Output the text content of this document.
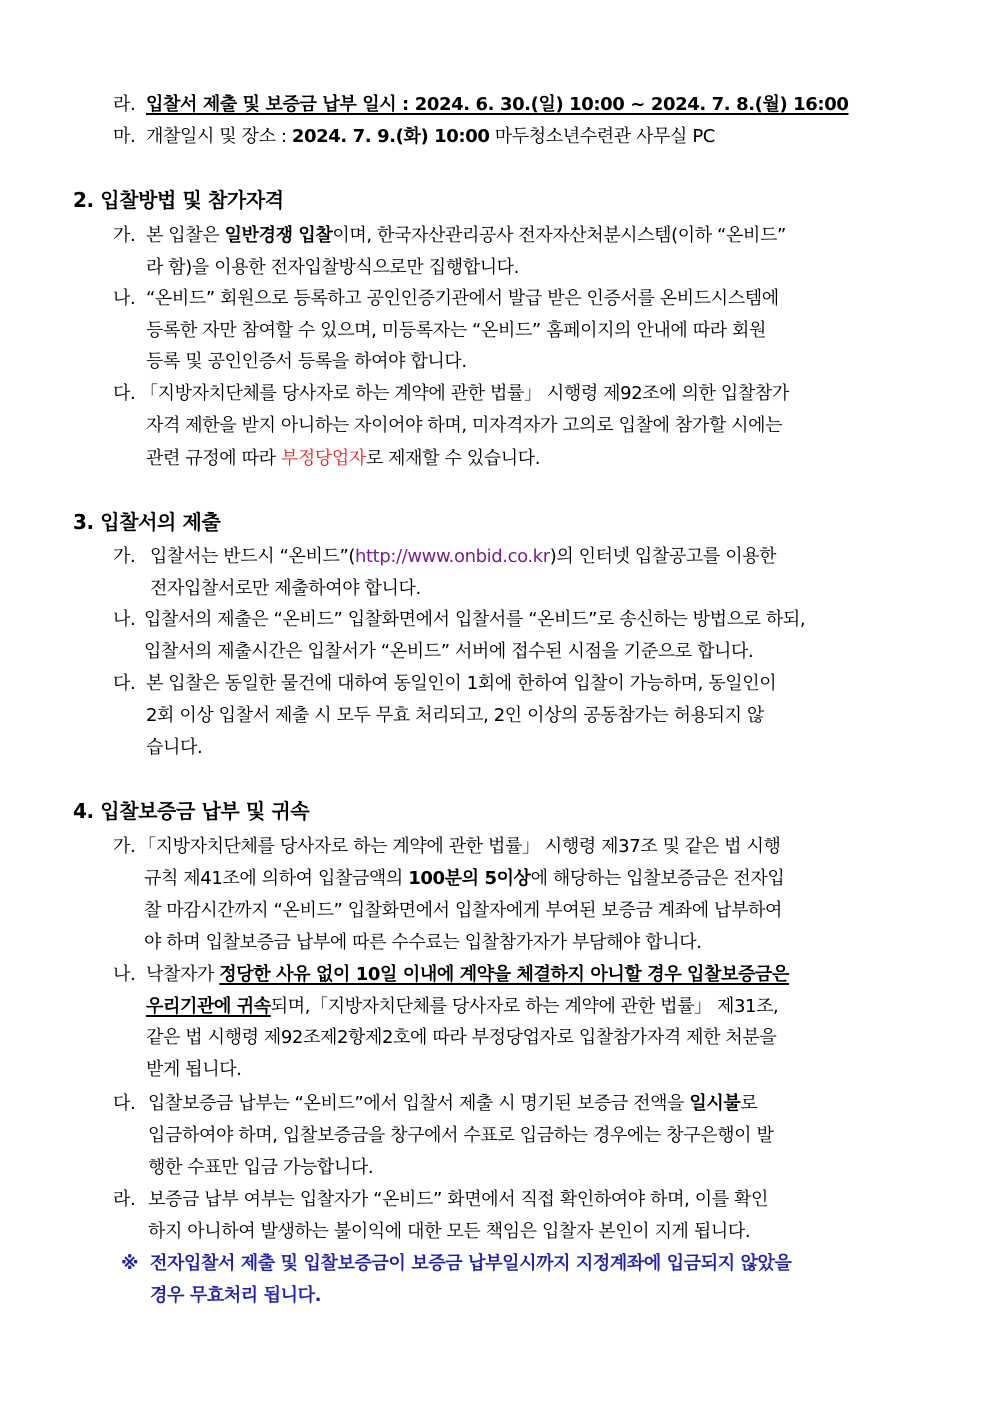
라. 입찰서 제출 및 보증금 납부 일시 : 2024. 6. 30.(일) 10:00 ~ 2024. 7. 8.(월) 16:00
마. 개찰일시 및 장소 : 2024. 7. 9.(화) 10:00 마두청소년수련관 사무실 PC
2. 입찰방법 및 참가자격
가. 본 입찰은 일반경쟁 입찰이며, 한국자산관리공사 전자자산처분시스템(이하 “온비드”
라 함)을 이용한 전자입찰방식으로만 집행합니다.
나. “온비드” 회원으로 등록하고 공인인증기관에서 발급 받은 인증서를 온비드시스템에
등록한 자만 참여할 수 있으며, 미등록자는 “온비드” 홈페이지의 안내에 따라 회원
등록 및 공인인증서 등록을 하여야 합니다.
다. 「지방자치단체를 당사자로 하는 계약에 관한 법률」 시행령 제92조에 의한 입찰참가
자격 제한을 받지 아니하는 자이어야 하며, 미자격자가 고의로 입찰에 참가할 시에는
관련 규정에 따라 부정당업자로 제재할 수 있습니다.
3. 입찰서의 제출
가. 입찰서는 반드시 “온비드”(http://www.onbid.co.kr)의 인터넷 입찰공고를 이용한
전자입찰서로만 제출하여야 합니다.
나. 입찰서의 제출은 “온비드” 입찰화면에서 입찰서를 “온비드”로 송신하는 방법으로 하되,
입찰서의 제출시간은 입찰서가 “온비드” 서버에 접수된 시점을 기준으로 합니다.
다. 본 입찰은 동일한 물건에 대하여 동일인이 1회에 한하여 입찰이 가능하며, 동일인이
2회 이상 입찰서 제출 시 모두 무효 처리되고, 2인 이상의 공동참가는 허용되지 않
습니다.
4. 입찰보증금 납부 및 귀속
가. 「지방자치단체를 당사자로 하는 계약에 관한 법률」 시행령 제37조 및 같은 법 시행
규칙 제41조에 의하여 입찰금액의 100분의 5이상에 해당하는 입찰보증금은 전자입
찰 마감시간까지 “온비드” 입찰화면에서 입찰자에게 부여된 보증금 계좌에 납부하여
야 하며 입찰보증금 납부에 따른 수수료는 입찰참가자가 부담해야 합니다.
나. 낙찰자가 정당한 사유 없이 10일 이내에 계약을 체결하지 아니할 경우 입찰보증금은
우리기관에 귀속되며,「지방자치단체를 당사자로 하는 계약에 관한 법률」 제31조,
같은 법 시행령 제92조제2항제2호에 따라 부정당업자로 입찰참가자격 제한 처분을
받게 됩니다.
다. 입찰보증금 납부는 “온비드”에서 입찰서 제출 시 명기된 보증금 전액을 일시불로
입금하여야 하며, 입찰보증금을 창구에서 수표로 입금하는 경우에는 창구은행이 발
행한 수표만 입금 가능합니다.
라. 보증금 납부 여부는 입찰자가 “온비드” 화면에서 직접 확인하여야 하며, 이를 확인
하지 아니하여 발생하는 불이익에 대한 모든 책임은 입찰자 본인이 지게 됩니다.
※ 전자입찰서 제출 및 입찰보증금이 보증금 납부일시까지 지정계좌에 입금되지 않았을
경우 무효처리 됩니다.
